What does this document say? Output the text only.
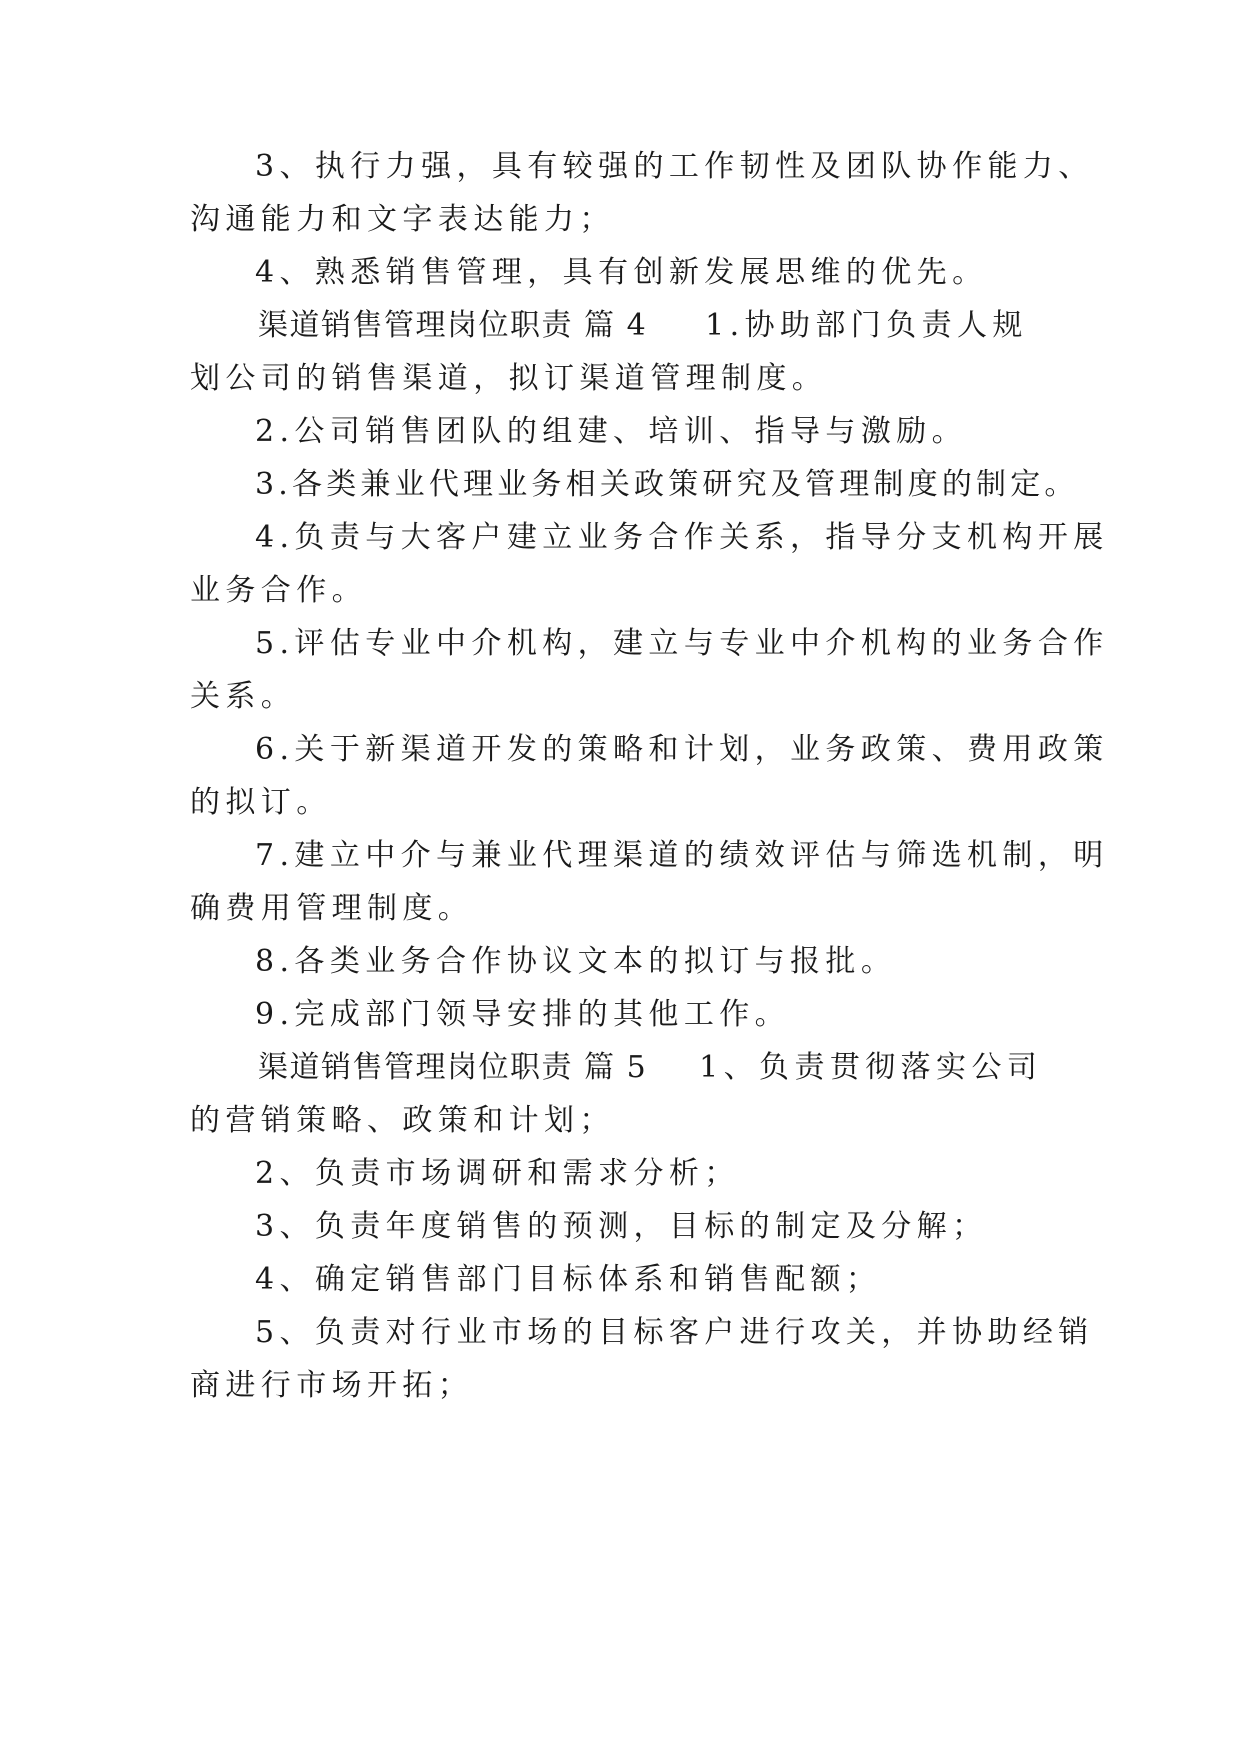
3、执行力强，具有较强的工作韧性及团队协作能力、
沟通能力和文字表达能力；
4、熟悉销售管理，具有创新发展思维的优先。
渠道销售管理岗位职责 篇 4 1.协助部门负责人规
划公司的销售渠道，拟订渠道管理制度。
2.公司销售团队的组建、培训、指导与激励。
3.各类兼业代理业务相关政策研究及管理制度的制定。
4.负责与大客户建立业务合作关系，指导分支机构开展
业务合作。
5.评估专业中介机构，建立与专业中介机构的业务合作
关系。
6.关于新渠道开发的策略和计划，业务政策、费用政策
的拟订。
7.建立中介与兼业代理渠道的绩效评估与筛选机制，明
确费用管理制度。
8.各类业务合作协议文本的拟订与报批。
9.完成部门领导安排的其他工作。
渠道销售管理岗位职责 篇 5 1、负责贯彻落实公司
的营销策略、政策和计划；
2、负责市场调研和需求分析；
3、负责年度销售的预测，目标的制定及分解；
4、确定销售部门目标体系和销售配额；
5、负责对行业市场的目标客户进行攻关，并协助经销
商进行市场开拓；
